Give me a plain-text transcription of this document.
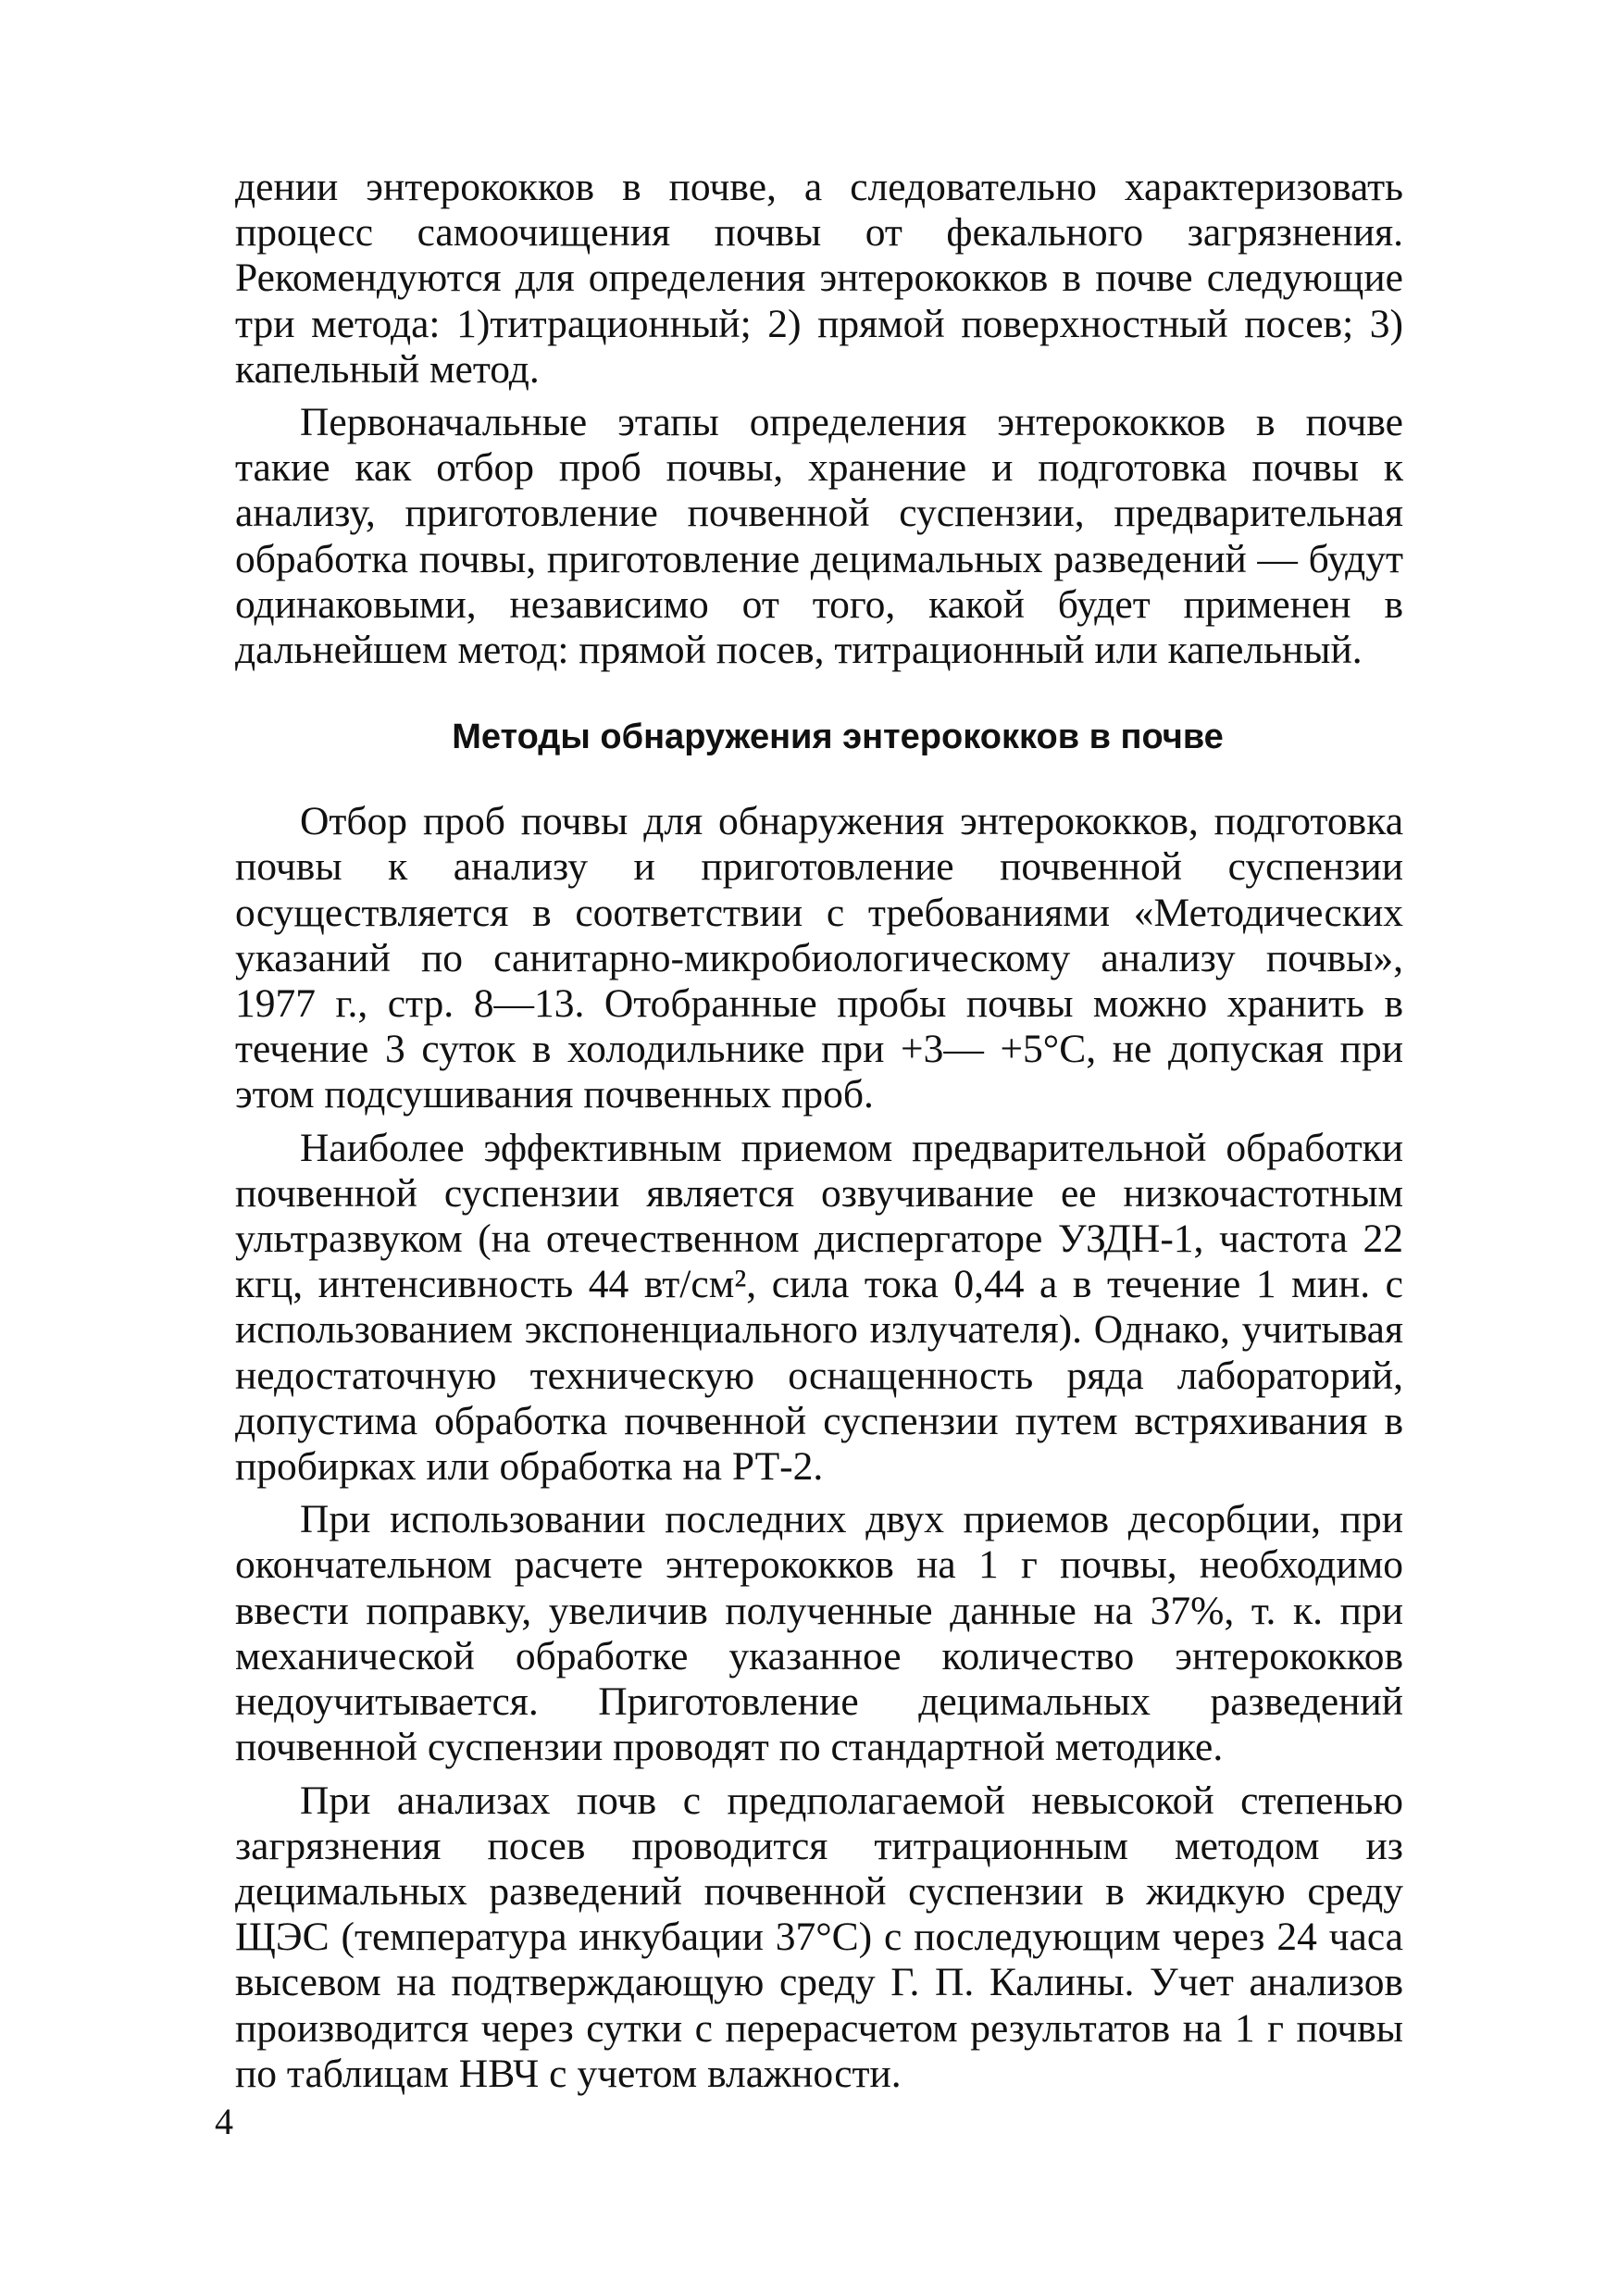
дении энтерококков в почве, а следовательно характеризовать процесс самоочищения почвы от фекального загрязнения. Рекомендуются для определения энтерококков в почве следующие три метода: 1)титрационный; 2) прямой поверхностный посев; 3) капельный метод.

Первоначальные этапы определения энтерококков в почве такие как отбор проб почвы, хранение и подготовка почвы к анализу, приготовление почвенной суспензии, предварительная обработка почвы, приготовление децимальных разведений — будут одинаковыми, независимо от того, какой будет применен в дальнейшем метод: прямой посев, титрационный или капельный.

Методы обнаружения энтерококков в почве

Отбор проб почвы для обнаружения энтерококков, подготовка почвы к анализу и приготовление почвенной суспензии осуществляется в соответствии с требованиями «Методических указаний по санитарно-микробиологическому анализу почвы», 1977 г., стр. 8—13. Отобранные пробы почвы можно хранить в течение 3 суток в холодильнике при +3— +5°С, не допуская при этом подсушивания почвенных проб.

Наиболее эффективным приемом предварительной обработки почвенной суспензии является озвучивание ее низкочастотным ультразвуком (на отечественном диспергаторе УЗДН-1, частота 22 кгц, интенсивность 44 вт/см², сила тока 0,44 а в течение 1 мин. с использованием экспоненциального излучателя). Однако, учитывая недостаточную техническую оснащенность ряда лабораторий, допустима обработка почвенной суспензии путем встряхивания в пробирках или обработка на РТ-2.

При использовании последних двух приемов десорбции, при окончательном расчете энтерококков на 1 г почвы, необходимо ввести поправку, увеличив полученные данные на 37%, т. к. при механической обработке указанное количество энтерококков недоучитывается. Приготовление децимальных разведений почвенной суспензии проводят по стандартной методике.

При анализах почв с предполагаемой невысокой степенью загрязнения посев проводится титрационным методом из децимальных разведений почвенной суспензии в жидкую среду ЩЭС (температура инкубации 37°С) с последующим через 24 часа высевом на подтверждающую среду Г. П. Калины. Учет анализов производится через сутки с перерасчетом результатов на 1 г почвы по таблицам НВЧ с учетом влажности.

4
